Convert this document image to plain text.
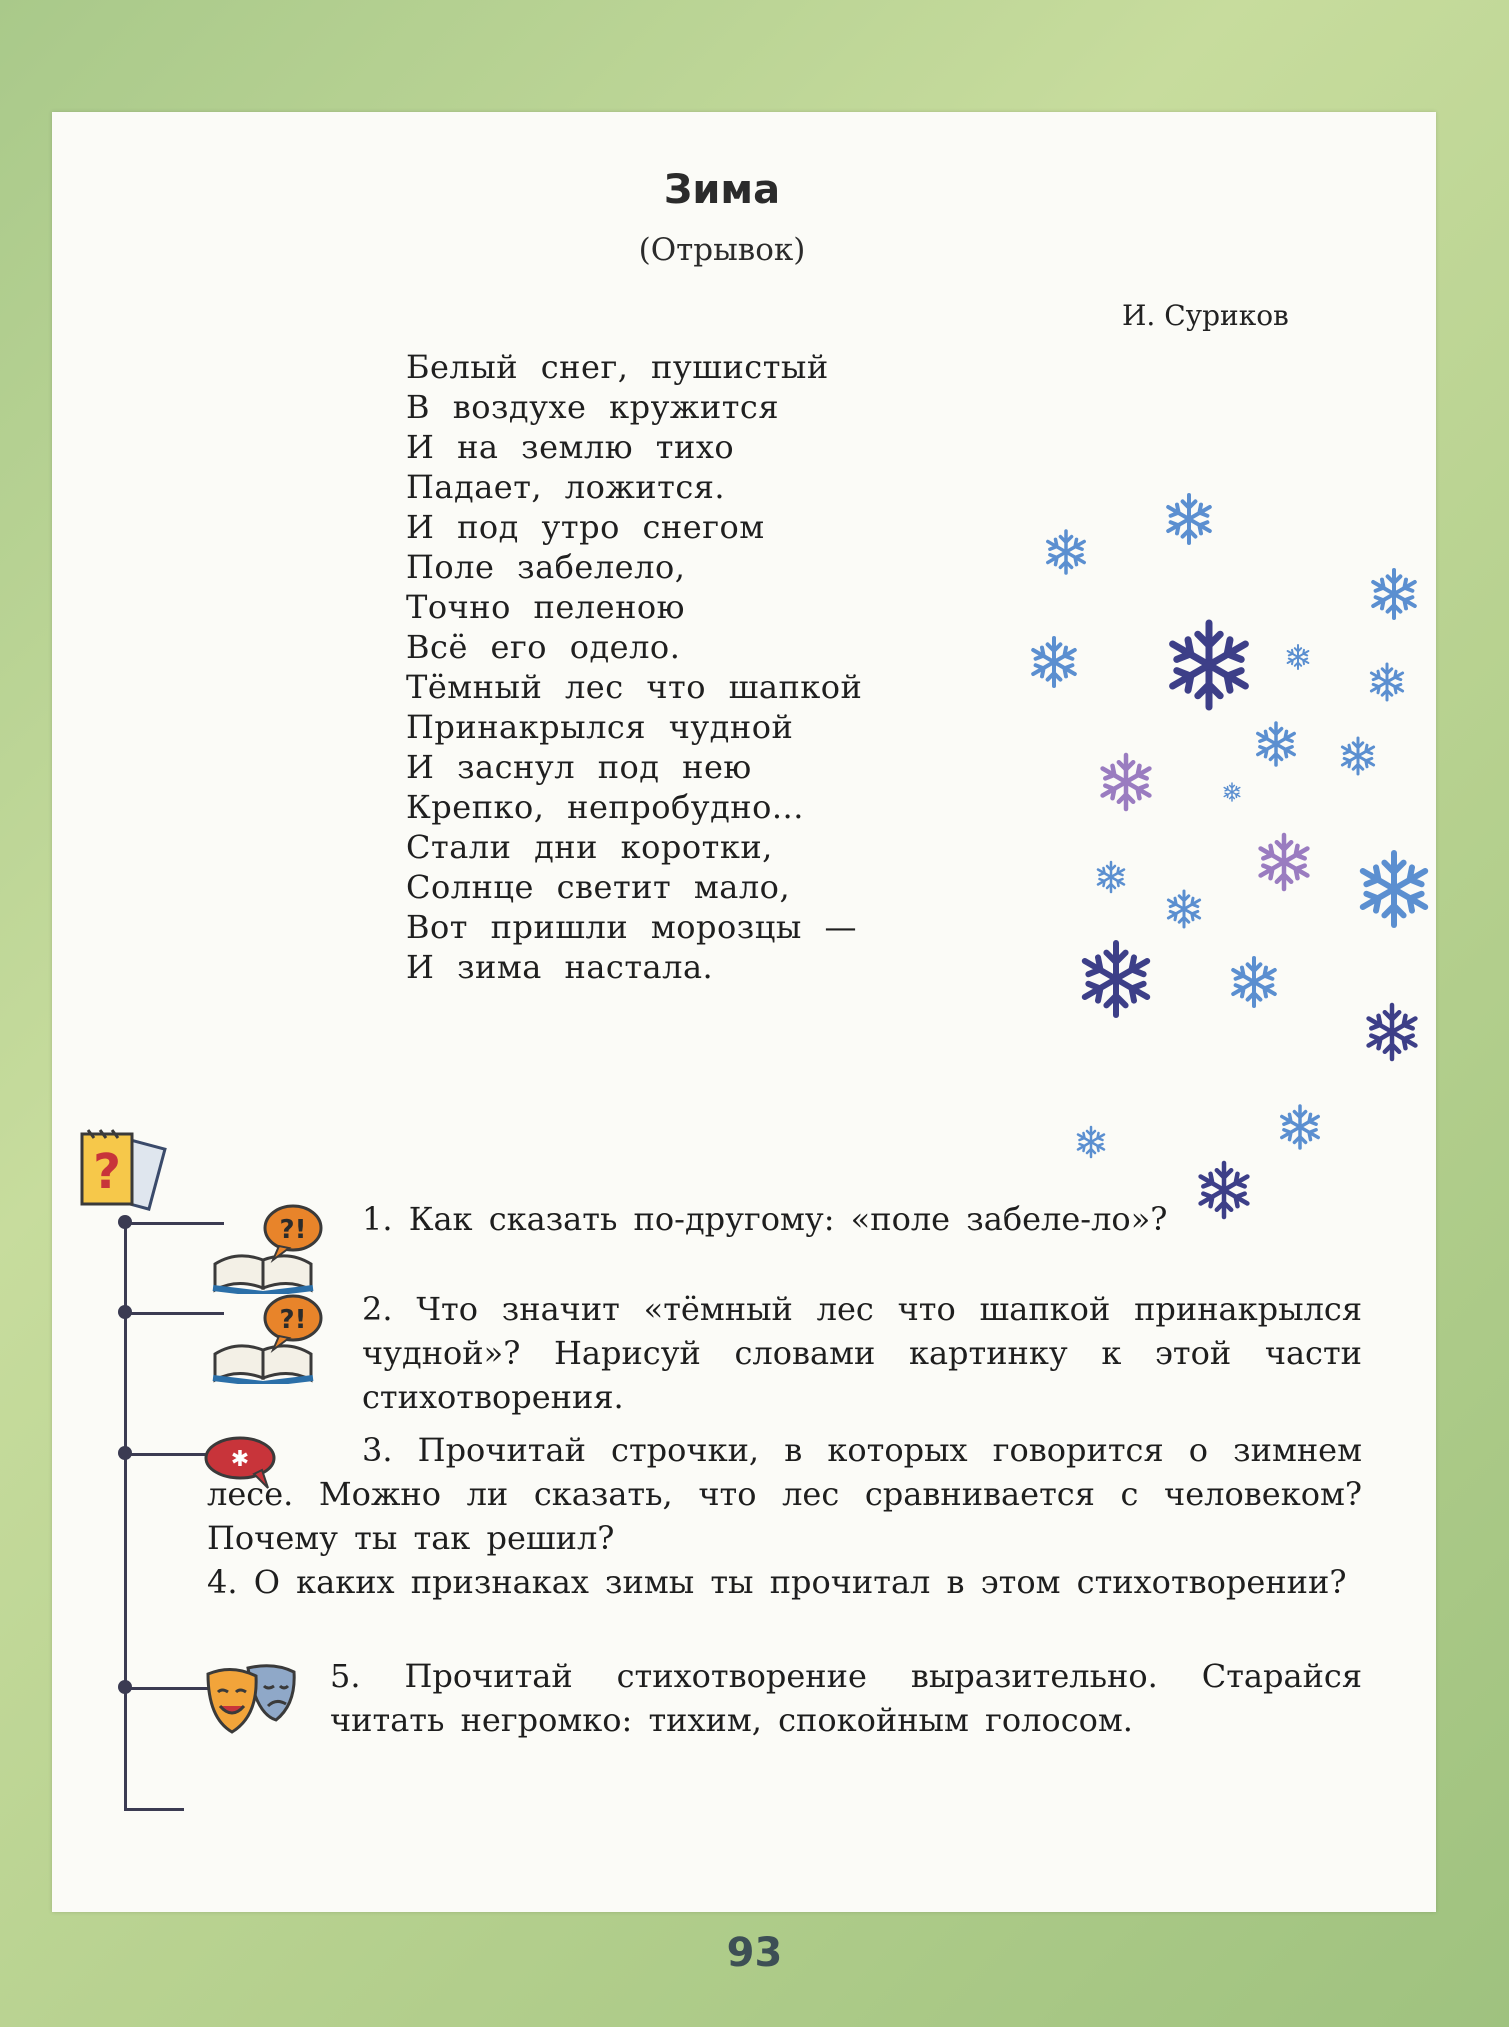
Зима
(Отрывок)
И. Суриков
Белый снег, пушистый
В воздухе кружится
И на землю тихо
Падает, ложится.
И под утро снегом
Поле забелело,
Точно пеленою
Всё его одело.
Тёмный лес что шапкой
Принакрылся чудной
И заснул под нею
Крепко, непробудно...
Стали дни коротки,
Солнце светит мало,
Вот пришли морозцы —
И зима настала.
?
?!
?!
✱
1. Как сказать по-другому: «поле забеле-ло»?
2. Что значит «тёмный лес что шапкой принакрылся чудной»? Нарисуй словами картинку к этой части стихотворения.
3. Прочитай строчки, в которых говорится о зимнем лесе. Можно ли сказать, что лес сравнивается с человеком? Почему ты так решил?
4. О каких признаках зимы ты прочитал в этом стихотворении?
5. Прочитай стихотворение выразительно. Старайся читать негромко: тихим, спокойным голосом.
93
